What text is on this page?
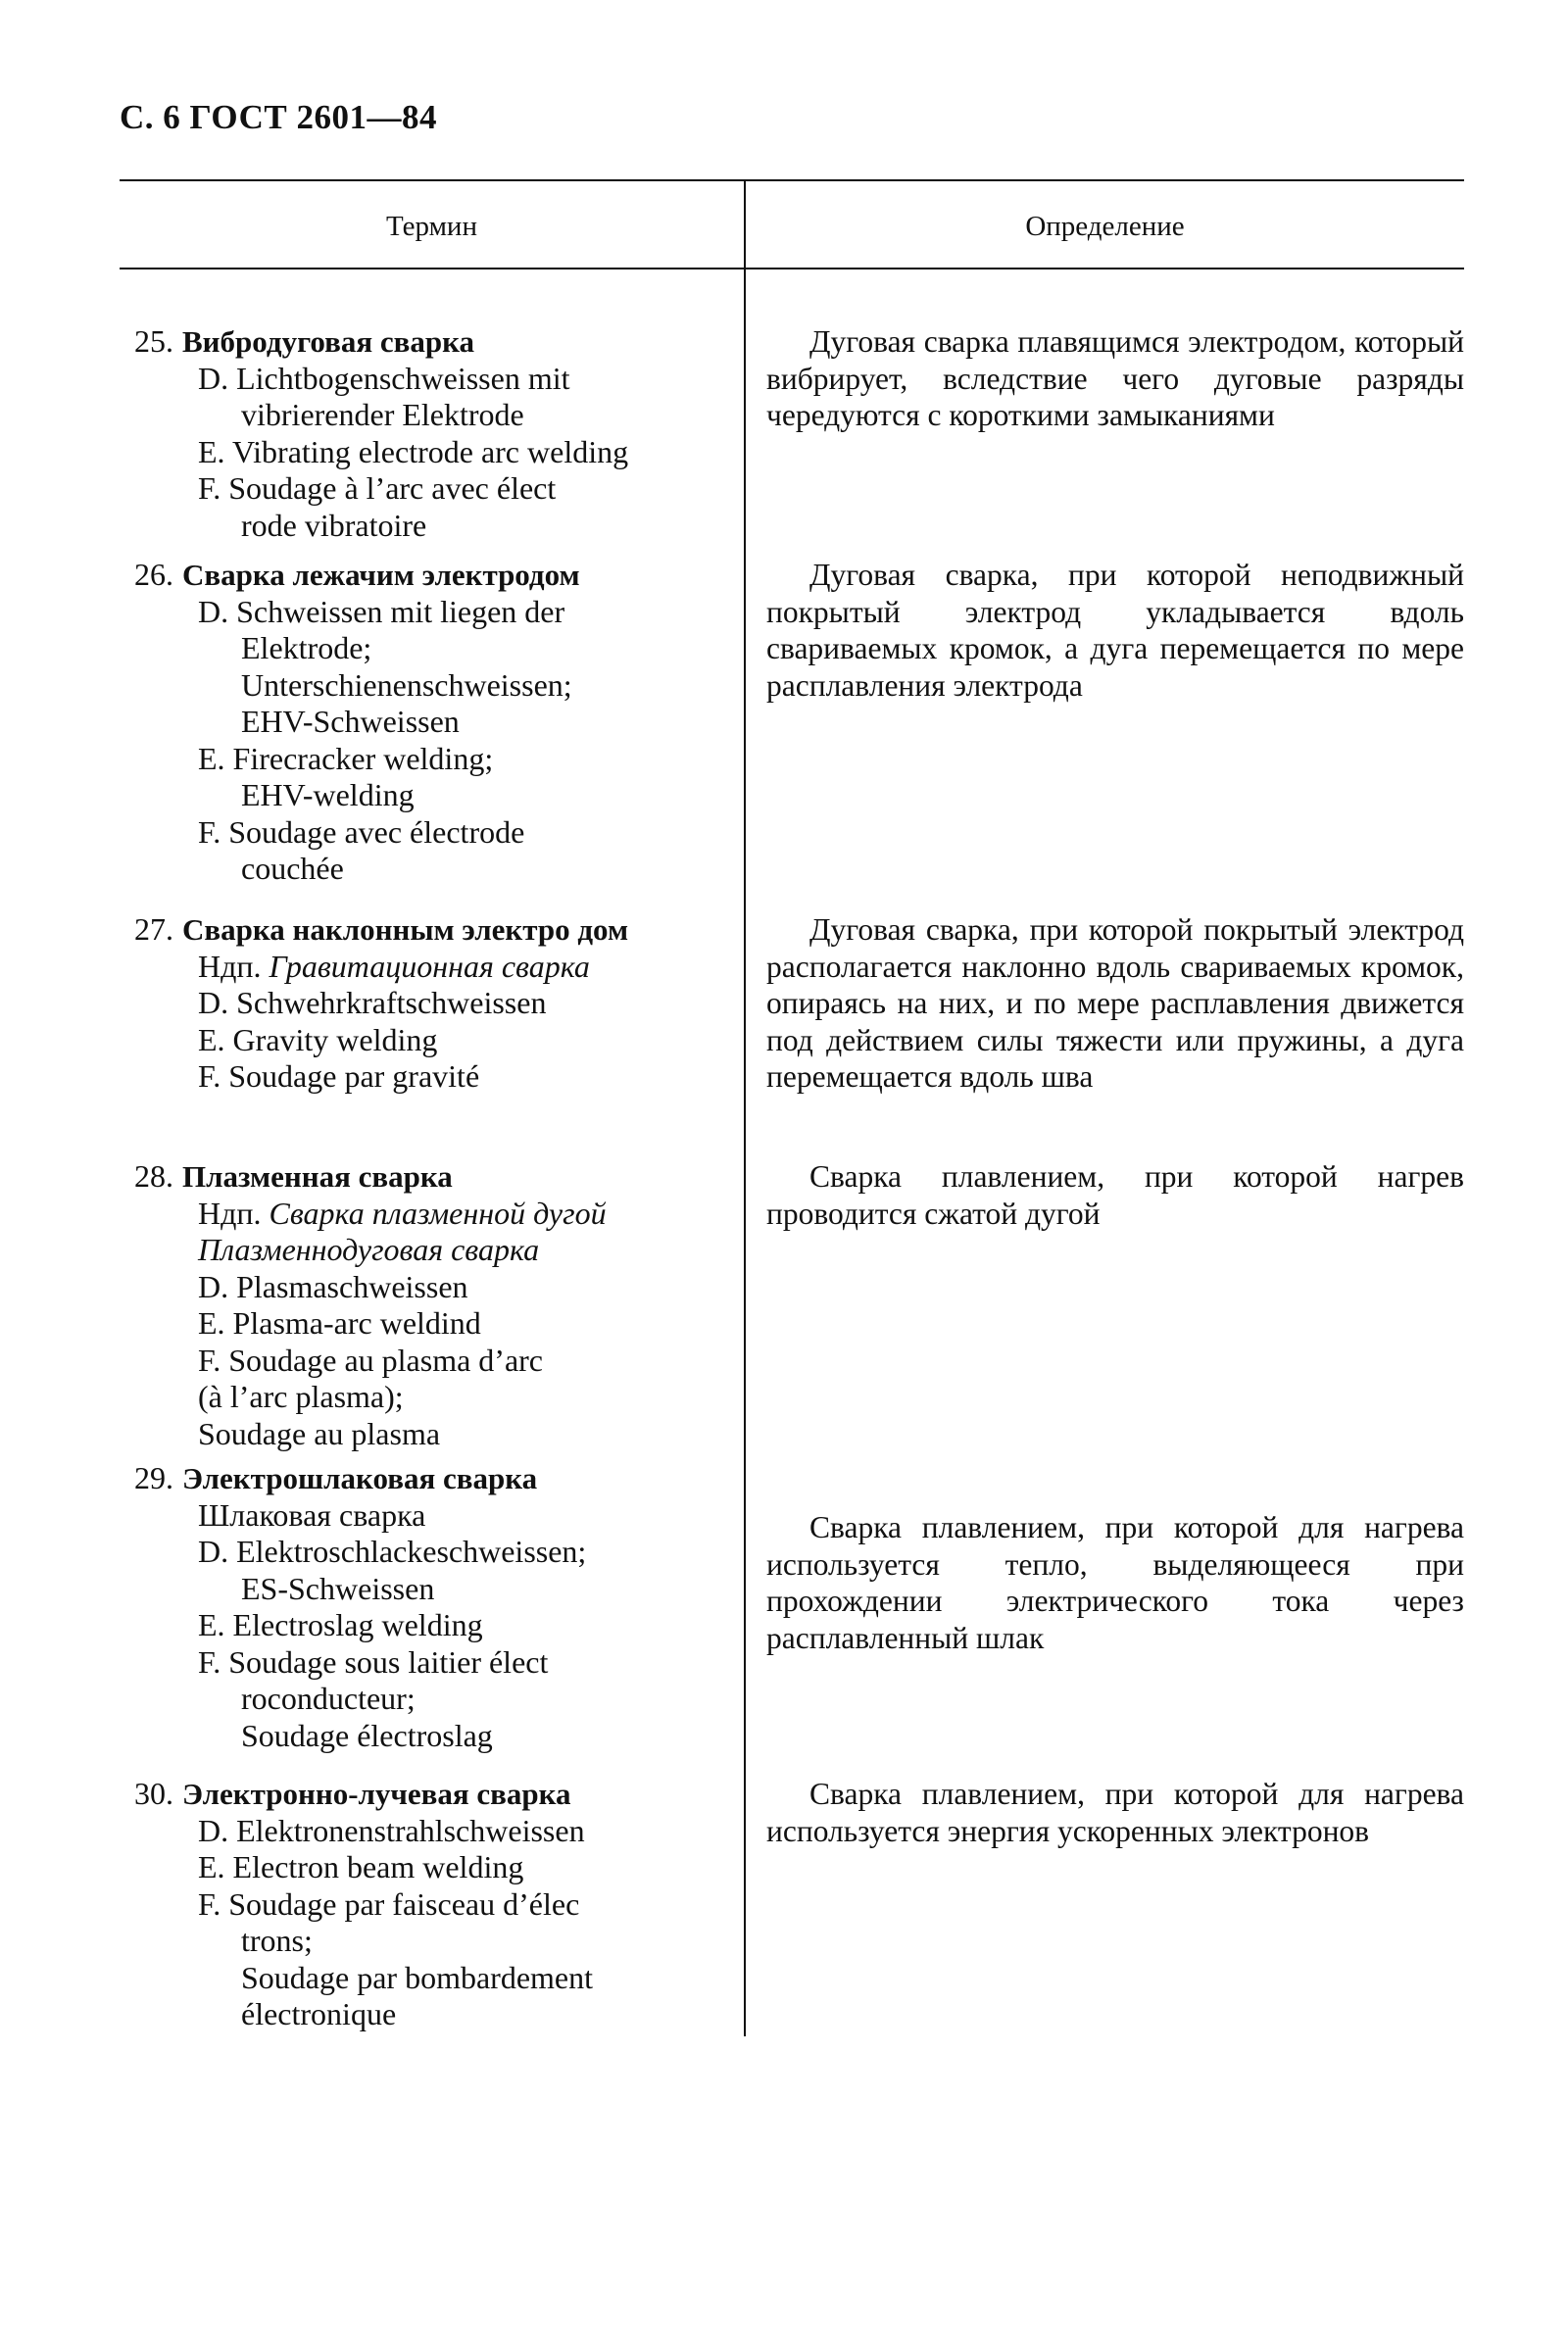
С. 6 ГОСТ 2601—84
Термин	Определение
25. Вибродуговая сварка
D. Lichtbogenschweissen mit
vibrierender Elektrode
E. Vibrating electrode arc welding
F. Soudage à l’arc avec élect
rode vibratoire
Дуговая сварка плавящимся электродом, который вибрирует, вследствие чего дуговые разряды чередуются с короткими замыканиями
26. Сварка лежачим электродом
D. Schweissen mit liegen der
Elektrode;
Unterschienenschweissen;
EHV-Schweissen
E. Firecracker welding;
EHV-welding
F. Soudage avec électrode
couchée
Дуговая сварка, при которой неподвижный покрытый электрод укладывается вдоль свариваемых кромок, а дуга перемещается по мере расплавления электрода
27. Сварка наклонным электро дом
Ндп. Гравитационная сварка
D. Schwehrkraftschweissen
E. Gravity welding
F. Soudage par gravité
Дуговая сварка, при которой покрытый электрод располагается наклонно вдоль свариваемых кромок, опираясь на них, и по мере расплавления движется под действием силы тяжести или пружины, а дуга перемещается вдоль шва
28. Плазменная сварка
Ндп. Сварка плазменной дугой
Плазменнодуговая сварка
D. Plasmaschweissen
E. Plasma-arc weldind
F. Soudage au plasma d’arc
(à l’arc plasma);
Soudage au plasma
Сварка плавлением, при которой нагрев проводится сжатой дугой
29. Электрошлаковая сварка
Шлаковая сварка
D. Elektroschlackeschweissen;
ES-Schweissen
E. Electroslag welding
F. Soudage sous laitier élect
roconducteur;
Soudage électroslag
Сварка плавлением, при которой для нагрева используется тепло, выделяющееся при прохождении электрического тока через расплавленный шлак
30. Электронно-лучевая сварка
D. Elektronenstrahlschweissen
E. Electron beam welding
F. Soudage par faisceau d’élec
trons;
Soudage par bombardement
électronique
Сварка плавлением, при которой для нагрева используется энергия ускоренных электронов
